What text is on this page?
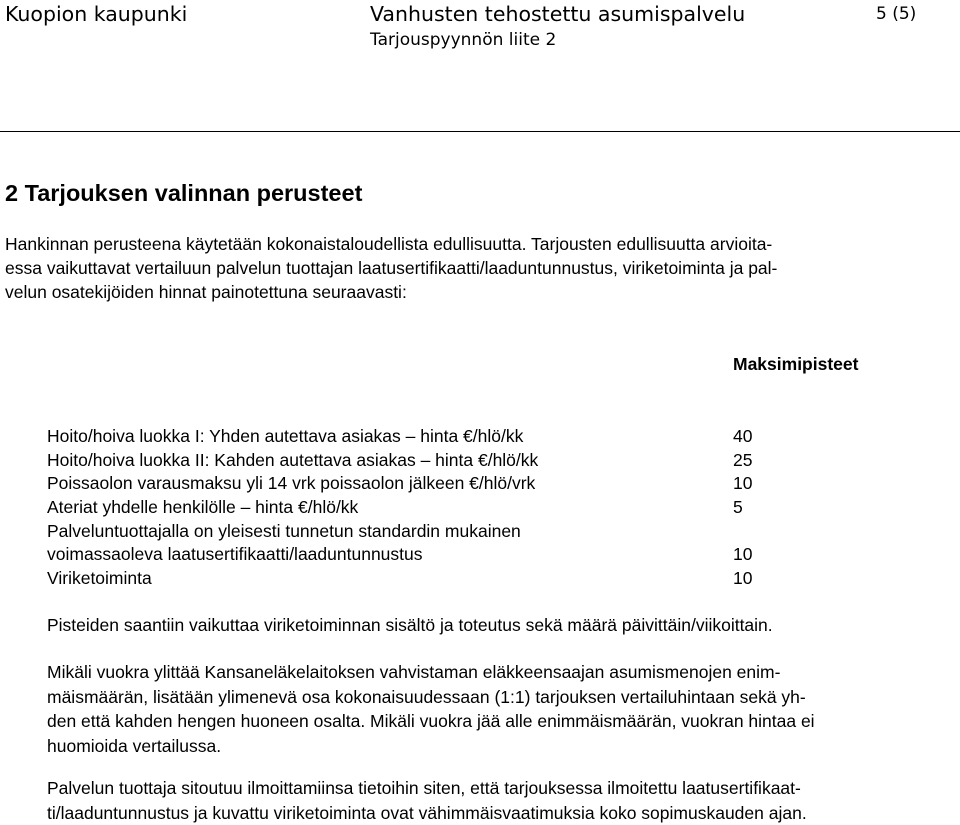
Kuopion kaupunki	Vanhusten tehostettu asumispalvelu
Tarjouspyynnön liite 2
5 (5)
2 Tarjouksen valinnan perusteet
Hankinnan perusteena käytetään kokonaistaloudellista edullisuutta. Tarjousten edullisuutta arvioita-
essa vaikuttavat vertailuun palvelun tuottajan laatusertifikaatti/laaduntunnustus, viriketoiminta ja pal-
velun osatekijöiden hinnat painotettuna seuraavasti:
Maksimipisteet
Hoito/hoiva luokka I: Yhden autettava asiakas – hinta €/hlö/kk	40
Hoito/hoiva luokka II: Kahden autettava asiakas – hinta €/hlö/kk	25
Poissaolon varausmaksu yli 14 vrk poissaolon jälkeen €/hlö/vrk	10
Ateriat yhdelle henkilölle – hinta €/hlö/kk	5
Palveluntuottajalla on yleisesti tunnetun standardin mukainen
voimassaoleva laatusertifikaatti/laaduntunnustus	10
Viriketoiminta	10
Pisteiden saantiin vaikuttaa viriketoiminnan sisältö ja toteutus sekä määrä päivittäin/viikoittain.
Mikäli vuokra ylittää Kansaneläkelaitoksen vahvistaman eläkkeensaajan asumismenojen enim-
mäismäärän, lisätään ylimenevä osa kokonaisuudessaan (1:1) tarjouksen vertailuhintaan sekä yh-
den että kahden hengen huoneen osalta. Mikäli vuokra jää alle enimmäismäärän, vuokran hintaa ei
huomioida vertailussa.
Palvelun tuottaja sitoutuu ilmoittamiinsa tietoihin siten, että tarjouksessa ilmoitettu laatusertifikaat-
ti/laaduntunnustus ja kuvattu viriketoiminta ovat vähimmäisvaatimuksia koko sopimuskauden ajan.
